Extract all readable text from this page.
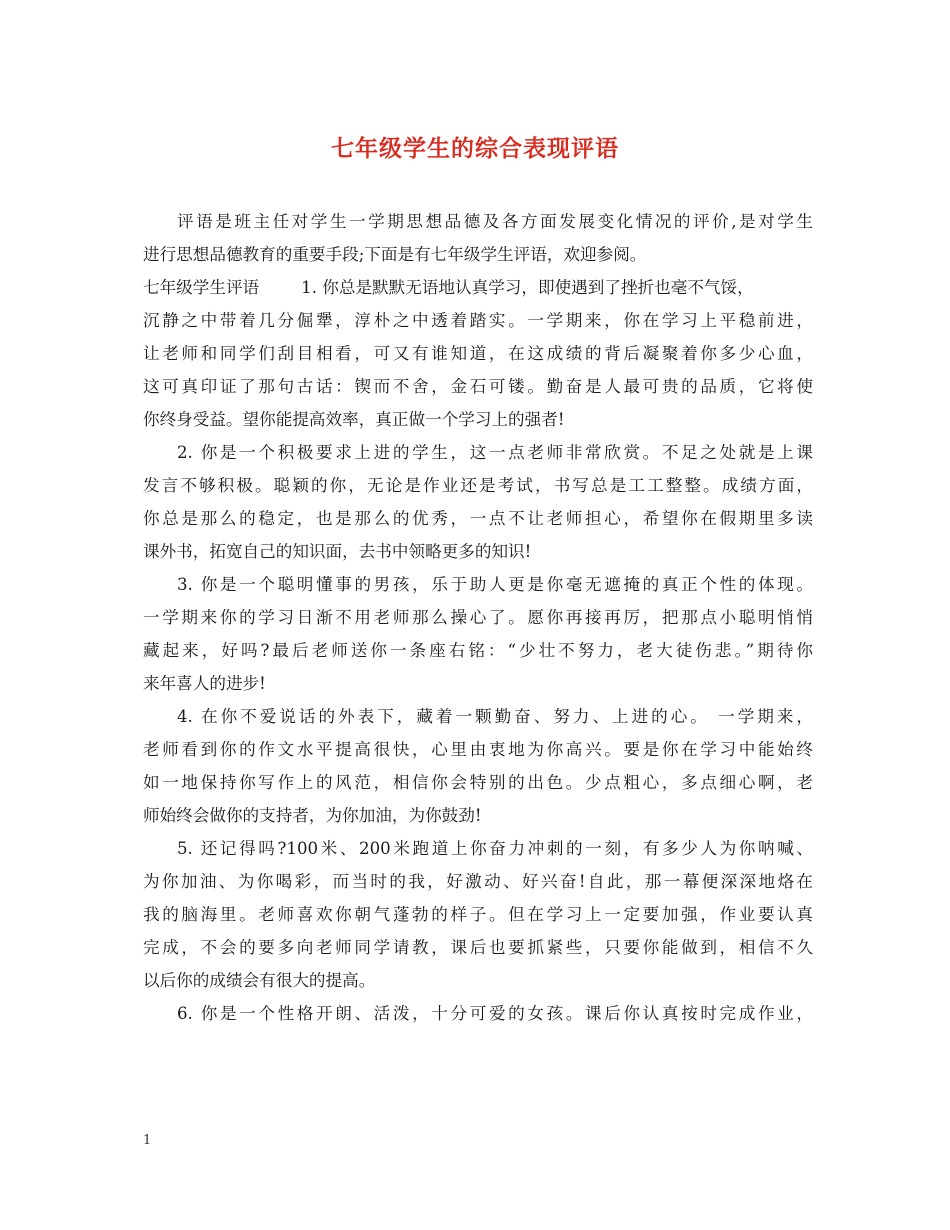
七年级学生的综合表现评语
评语是班主任对学生一学期思想品德及各方面发展变化情况的评价,是对学生
进行思想品德教育的重要手段;下面是有七年级学生评语，欢迎参阅。
七年级学生评语	1. 你总是默默无语地认真学习，即使遇到了挫折也毫不气馁，
沉静之中带着几分倔犟，淳朴之中透着踏实。一学期来，你在学习上平稳前进，
让老师和同学们刮目相看，可又有谁知道，在这成绩的背后凝聚着你多少心血，
这可真印证了那句古话：锲而不舍，金石可镂。勤奋是人最可贵的品质，它将使
你终身受益。望你能提高效率，真正做一个学习上的强者!
2. 你是一个积极要求上进的学生，这一点老师非常欣赏。不足之处就是上课
发言不够积极。聪颖的你，无论是作业还是考试，书写总是工工整整。成绩方面，
你总是那么的稳定，也是那么的优秀，一点不让老师担心，希望你在假期里多读
课外书，拓宽自己的知识面，去书中领略更多的知识!
3. 你是一个聪明懂事的男孩，乐于助人更是你毫无遮掩的真正个性的体现。
一学期来你的学习日渐不用老师那么操心了。愿你再接再厉，把那点小聪明悄悄
藏起来，好吗?最后老师送你一条座右铭：“少壮不努力，老大徒伤悲。”期待你
来年喜人的进步!
4. 在你不爱说话的外表下，藏着一颗勤奋、努力、上进的心。 一学期来，
老师看到你的作文水平提高很快，心里由衷地为你高兴。要是你在学习中能始终
如一地保持你写作上的风范，相信你会特别的出色。少点粗心，多点细心啊，老
师始终会做你的支持者，为你加油，为你鼓劲!
5. 还记得吗?100米、200米跑道上你奋力冲刺的一刻，有多少人为你呐喊、
为你加油、为你喝彩，而当时的我，好激动、好兴奋!自此，那一幕便深深地烙在
我的脑海里。老师喜欢你朝气蓬勃的样子。但在学习上一定要加强，作业要认真
完成，不会的要多向老师同学请教，课后也要抓紧些，只要你能做到，相信不久
以后你的成绩会有很大的提高。
6. 你是一个性格开朗、活泼，十分可爱的女孩。课后你认真按时完成作业，
1
